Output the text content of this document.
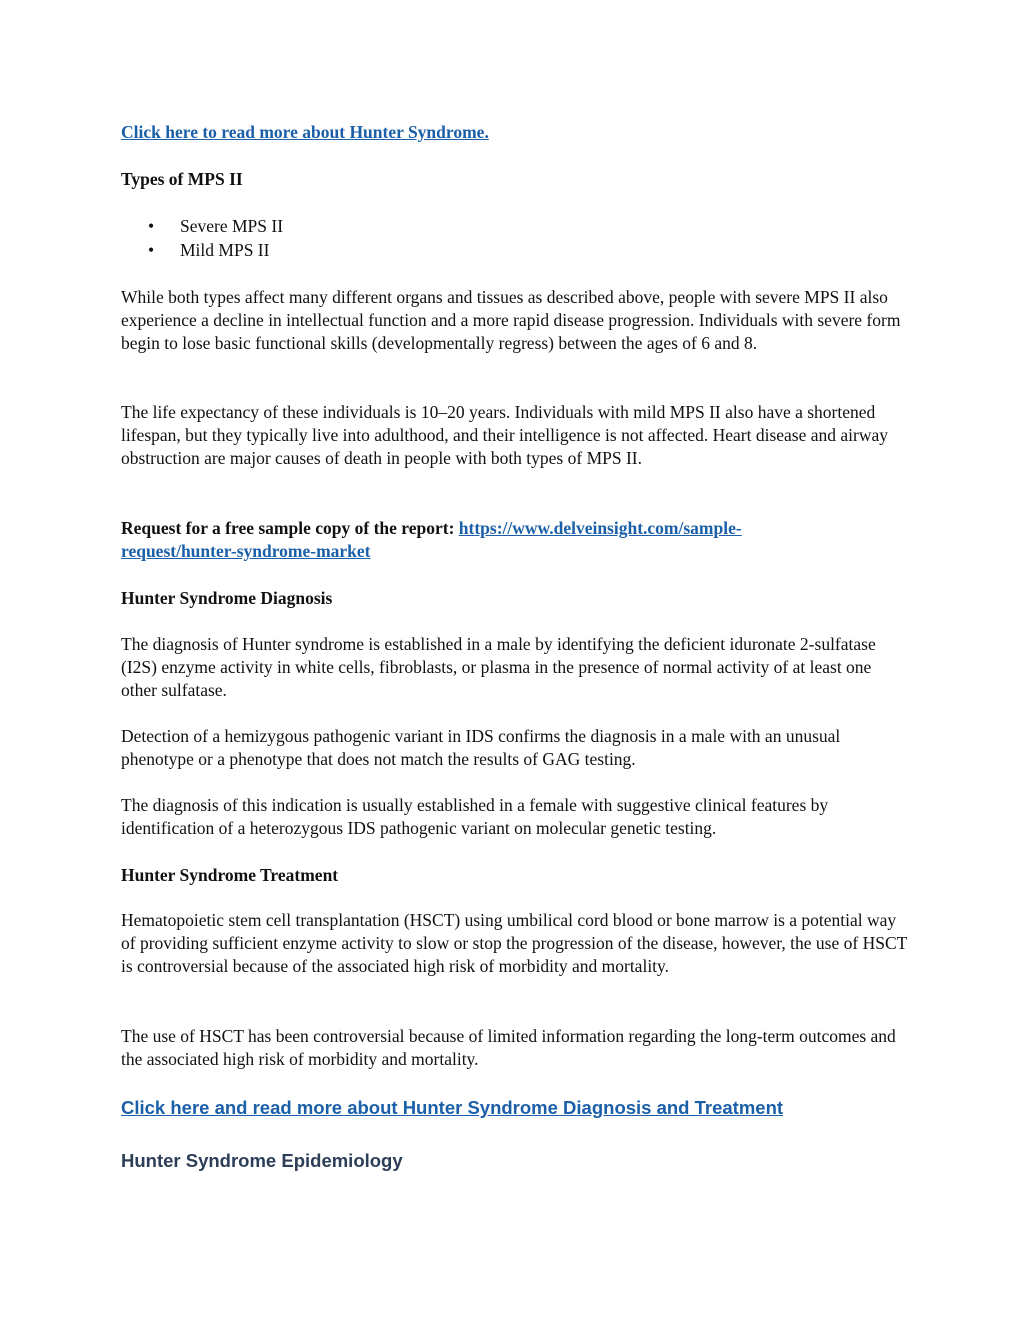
Click here to read more about Hunter Syndrome.

Types of MPS II

• Severe MPS II
• Mild MPS II

While both types affect many different organs and tissues as described above, people with severe MPS II also experience a decline in intellectual function and a more rapid disease progression. Individuals with severe form begin to lose basic functional skills (developmentally regress) between the ages of 6 and 8.

The life expectancy of these individuals is 10–20 years. Individuals with mild MPS II also have a shortened lifespan, but they typically live into adulthood, and their intelligence is not affected. Heart disease and airway obstruction are major causes of death in people with both types of MPS II.

Request for a free sample copy of the report: https://www.delveinsight.com/sample-
request/hunter-syndrome-market

Hunter Syndrome Diagnosis

The diagnosis of Hunter syndrome is established in a male by identifying the deficient iduronate 2-sulfatase (I2S) enzyme activity in white cells, fibroblasts, or plasma in the presence of normal activity of at least one other sulfatase.

Detection of a hemizygous pathogenic variant in IDS confirms the diagnosis in a male with an unusual phenotype or a phenotype that does not match the results of GAG testing.

The diagnosis of this indication is usually established in a female with suggestive clinical features by identification of a heterozygous IDS pathogenic variant on molecular genetic testing.

Hunter Syndrome Treatment

Hematopoietic stem cell transplantation (HSCT) using umbilical cord blood or bone marrow is a potential way of providing sufficient enzyme activity to slow or stop the progression of the disease, however, the use of HSCT is controversial because of the associated high risk of morbidity and mortality.

The use of HSCT has been controversial because of limited information regarding the long-term outcomes and the associated high risk of morbidity and mortality.

Click here and read more about Hunter Syndrome Diagnosis and Treatment

Hunter Syndrome Epidemiology
